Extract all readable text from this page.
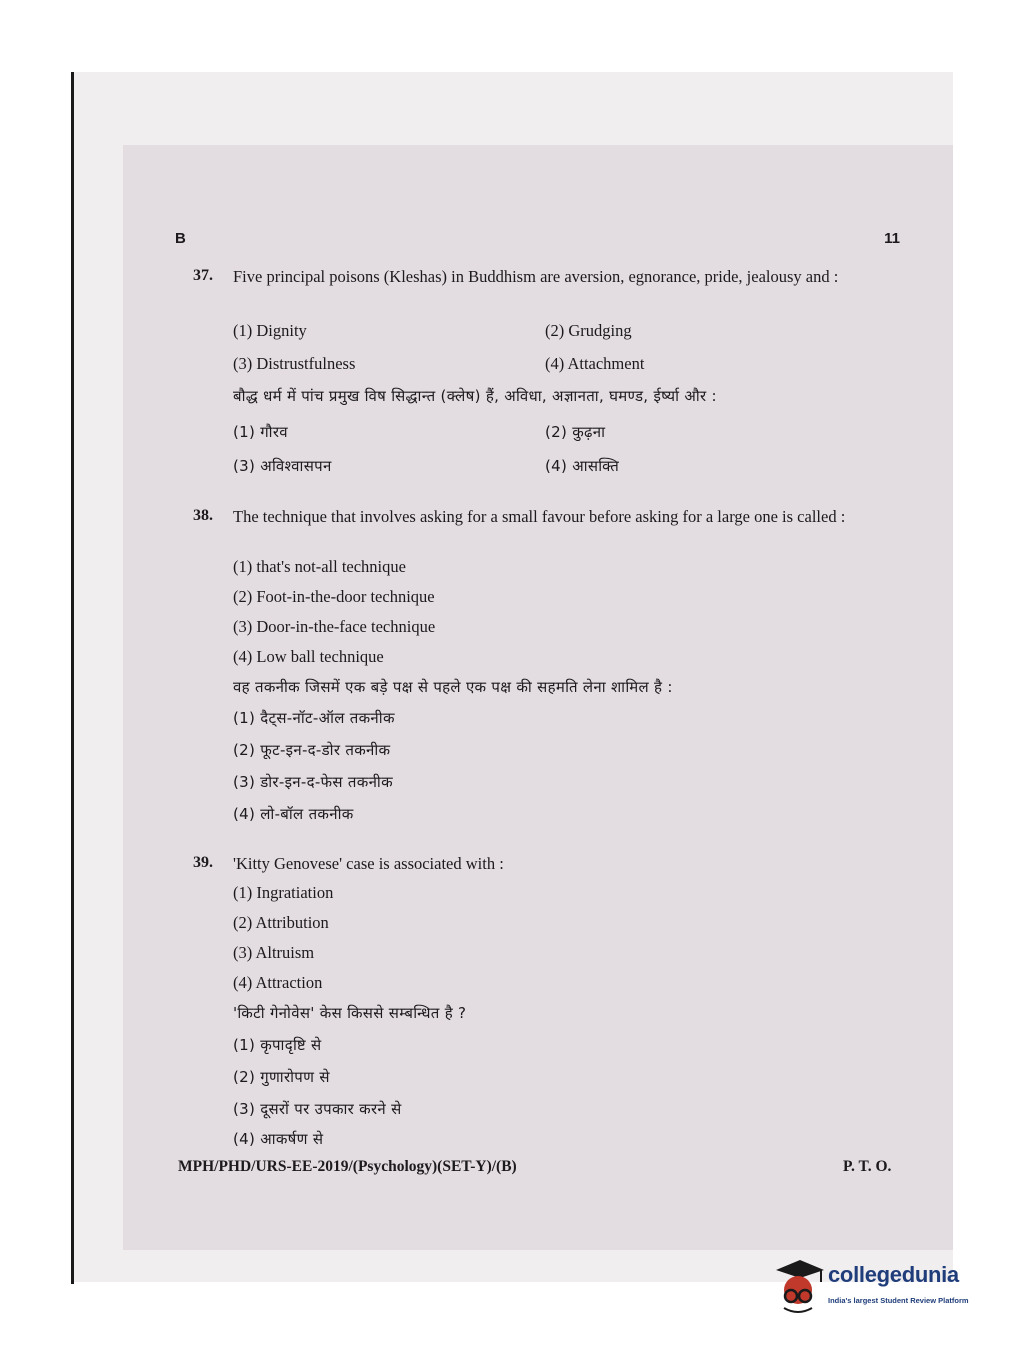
B	11
37. Five principal poisons (Kleshas) in Buddhism are aversion, egnorance, pride, jealousy and :
(1) Dignity	(2) Grudging
(3) Distrustfulness	(4) Attachment
बौद्ध धर्म में पांच प्रमुख विष सिद्धान्त (क्लेष) हैं, अविधा, अज्ञानता, घमण्ड, ईर्ष्या और :
(1) गौरव	(2) कुढ़ना
(3) अविश्वासपन	(4) आसक्ति
38. The technique that involves asking for a small favour before asking for a large one is called :
(1) that's not-all technique
(2) Foot-in-the-door technique
(3) Door-in-the-face technique
(4) Low ball technique
वह तकनीक जिसमें एक बड़े पक्ष से पहले एक पक्ष की सहमति लेना शामिल है :
(1) दैट्स-नॉट-ऑल तकनीक
(2) फूट-इन-द-डोर तकनीक
(3) डोर-इन-द-फेस तकनीक
(4) लो-बॉल तकनीक
39. 'Kitty Genovese' case is associated with :
(1) Ingratiation
(2) Attribution
(3) Altruism
(4) Attraction
'किटी गेनोवेस' केस किससे सम्बन्धित है ?
(1) कृपादृष्टि से
(2) गुणारोपण से
(3) दूसरों पर उपकार करने से
(4) आकर्षण से
MPH/PHD/URS-EE-2019/(Psychology)(SET-Y)/(B)	P. T. O.
collegedunia
India's largest Student Review Platform
